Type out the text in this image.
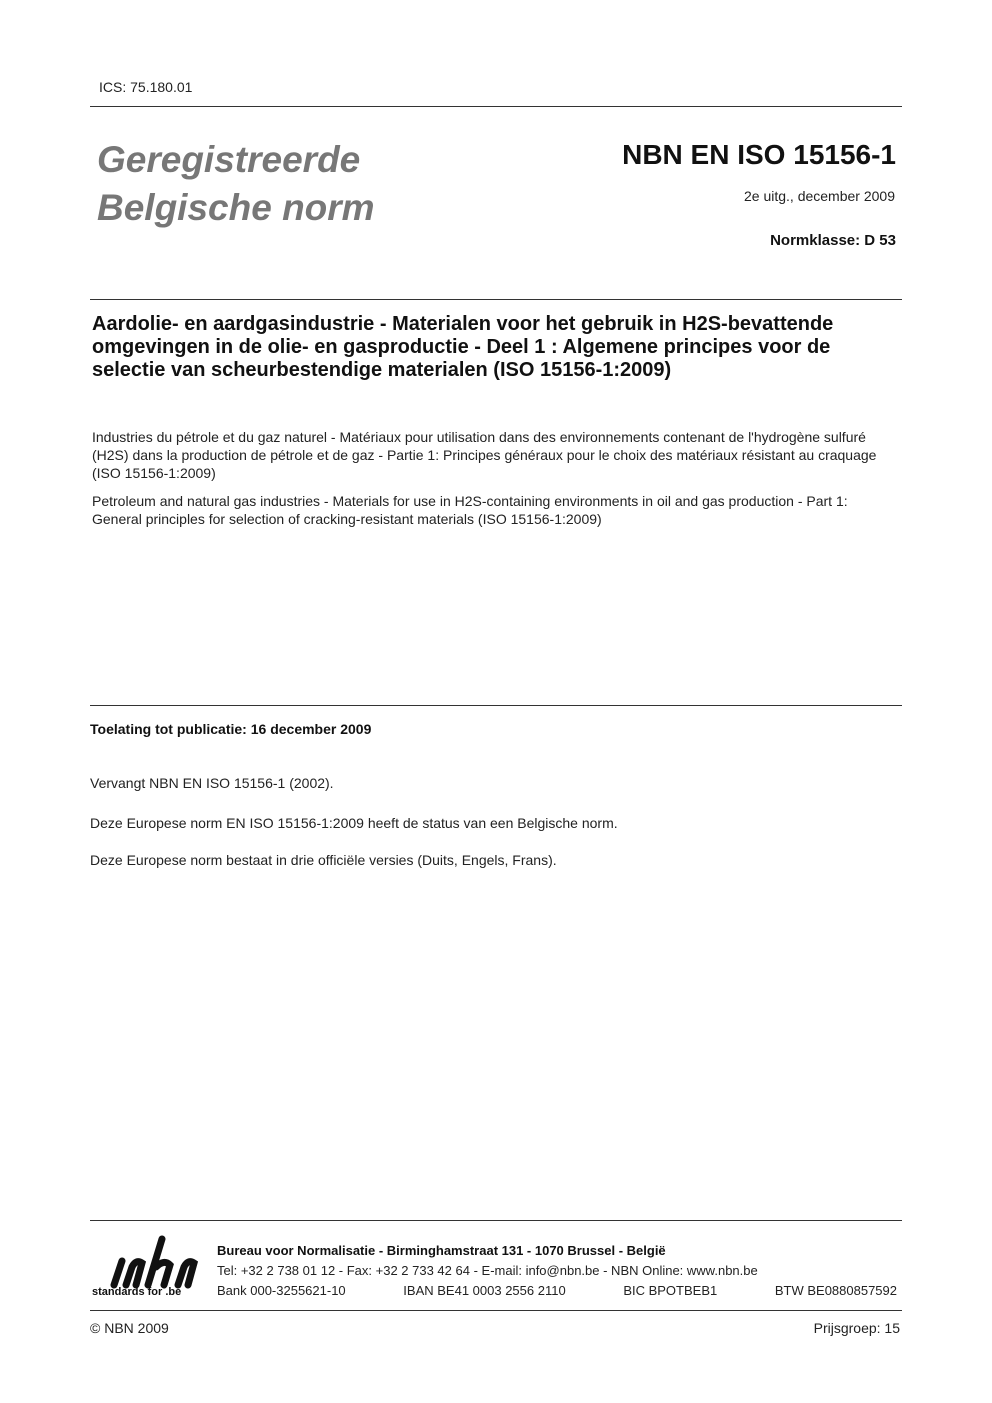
ICS: 75.180.01
Geregistreerde
Belgische norm
NBN EN ISO 15156-1
2e uitg., december 2009
Normklasse: D 53
Aardolie- en aardgasindustrie - Materialen voor het gebruik in H2S-bevattende omgevingen in de olie- en gasproductie - Deel 1 : Algemene principes voor de selectie van scheurbestendige materialen (ISO 15156-1:2009)
Industries du pétrole et du gaz naturel - Matériaux pour utilisation dans des environnements contenant de l'hydrogène sulfuré (H2S) dans la production de pétrole et de gaz - Partie 1: Principes généraux pour le choix des matériaux résistant au craquage (ISO 15156-1:2009)
Petroleum and natural gas industries - Materials for use in H2S-containing environments in oil and gas production - Part 1: General principles for selection of cracking-resistant materials (ISO 15156-1:2009)
Toelating tot publicatie: 16 december 2009
Vervangt NBN EN ISO 15156-1 (2002).
Deze Europese norm EN ISO 15156-1:2009 heeft de status van een Belgische norm.
Deze Europese norm bestaat in drie officiële versies (Duits, Engels, Frans).
standards for .be
Bureau voor Normalisatie - Birminghamstraat 131 - 1070 Brussel - België
Tel: +32 2 738 01 12 - Fax: +32 2 733 42 64 - E-mail: info@nbn.be - NBN Online: www.nbn.be
Bank 000-3255621-10	IBAN BE41 0003 2556 2110	BIC BPOTBEB1	BTW BE0880857592
© NBN 2009	Prijsgroep: 15
